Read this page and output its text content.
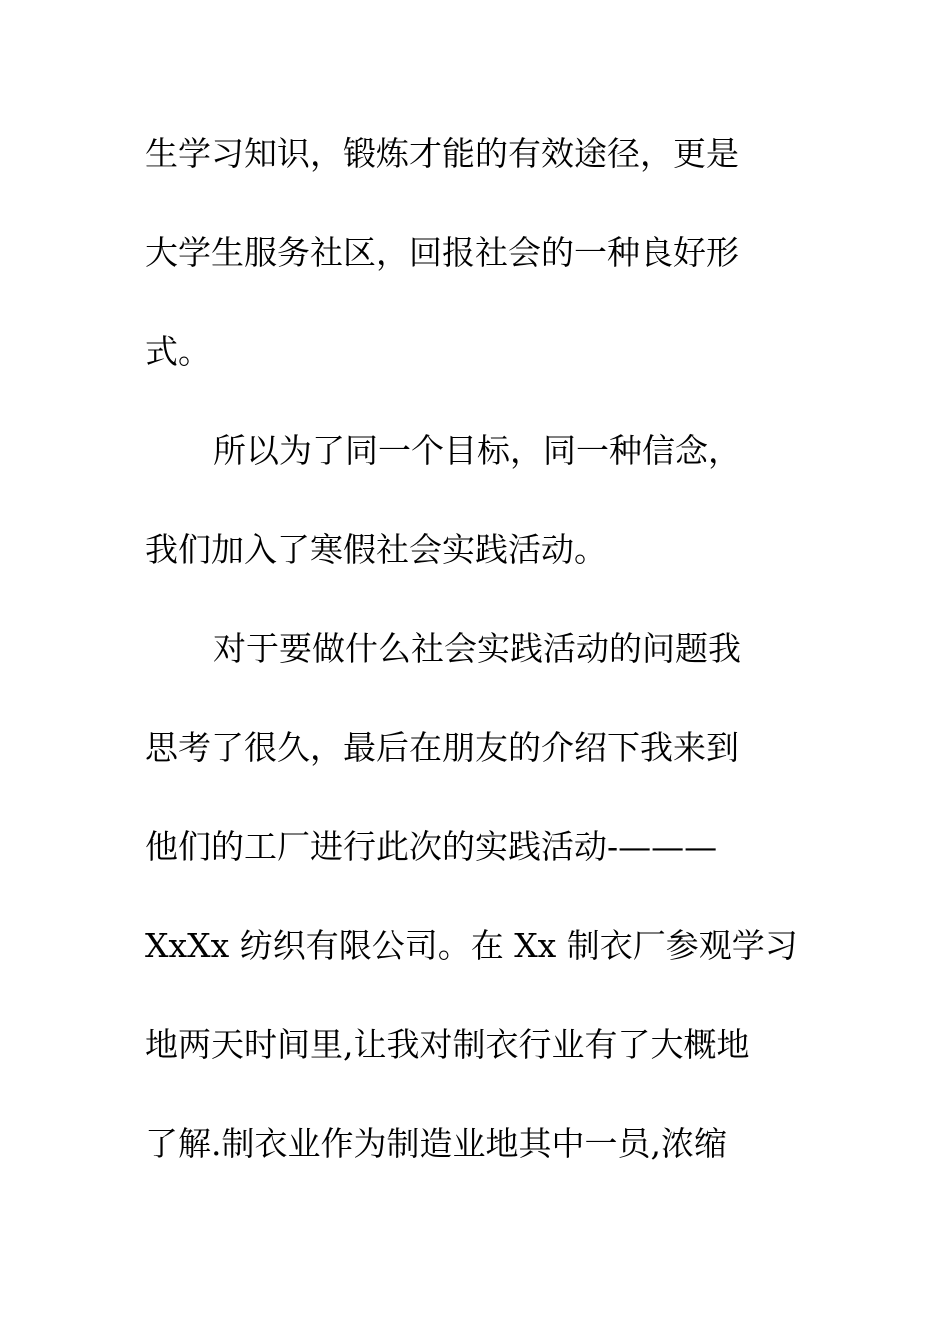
生学习知识，锻炼才能的有效途径，更是
大学生服务社区，回报社会的一种良好形
式。
所以为了同一个目标，同一种信念，
我们加入了寒假社会实践活动。
对于要做什么社会实践活动的问题我
思考了很久，最后在朋友的介绍下我来到
他们的工厂进行此次的实践活动-———
XxXx 纺织有限公司。在 Xx 制衣厂参观学习
地两天时间里,让我对制衣行业有了大概地
了解.制衣业作为制造业地其中一员,浓缩
